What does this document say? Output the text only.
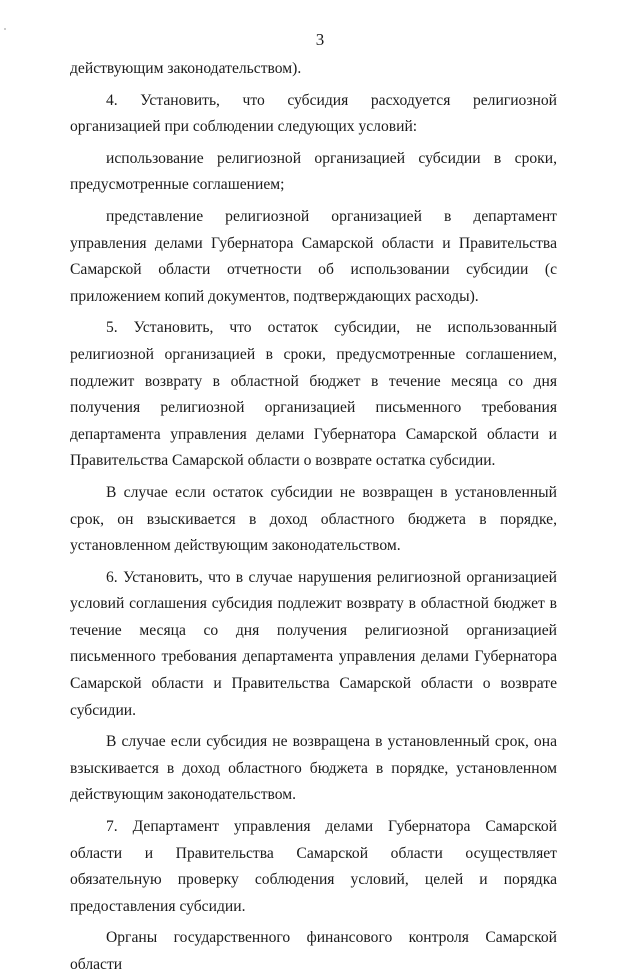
3

действующим законодательством).

4. Установить, что субсидия расходуется религиозной организацией при соблюдении следующих условий:

использование религиозной организацией субсидии в сроки, предусмотренные соглашением;

представление религиозной организацией в департамент управления делами Губернатора Самарской области и Правительства Самарской области отчетности об использовании субсидии (с приложением копий документов, подтверждающих расходы).

5. Установить, что остаток субсидии, не использованный религиозной организацией в сроки, предусмотренные соглашением, подлежит возврату в областной бюджет в течение месяца со дня получения религиозной организацией письменного требования департамента управления делами Губернатора Самарской области и Правительства Самарской области о возврате остатка субсидии.

В случае если остаток субсидии не возвращен в установленный срок, он взыскивается в доход областного бюджета в порядке, установленном действующим законодательством.

6. Установить, что в случае нарушения религиозной организацией условий соглашения субсидия подлежит возврату в областной бюджет в течение месяца со дня получения религиозной организацией письменного требования департамента управления делами Губернатора Самарской области и Правительства Самарской области о возврате субсидии.

В случае если субсидия не возвращена в установленный срок, она взыскивается в доход областного бюджета в порядке, установленном действующим законодательством.

7. Департамент управления делами Губернатора Самарской области и Правительства Самарской области осуществляет обязательную проверку соблюдения условий, целей и порядка предоставления субсидии.

Органы государственного финансового контроля Самарской области
